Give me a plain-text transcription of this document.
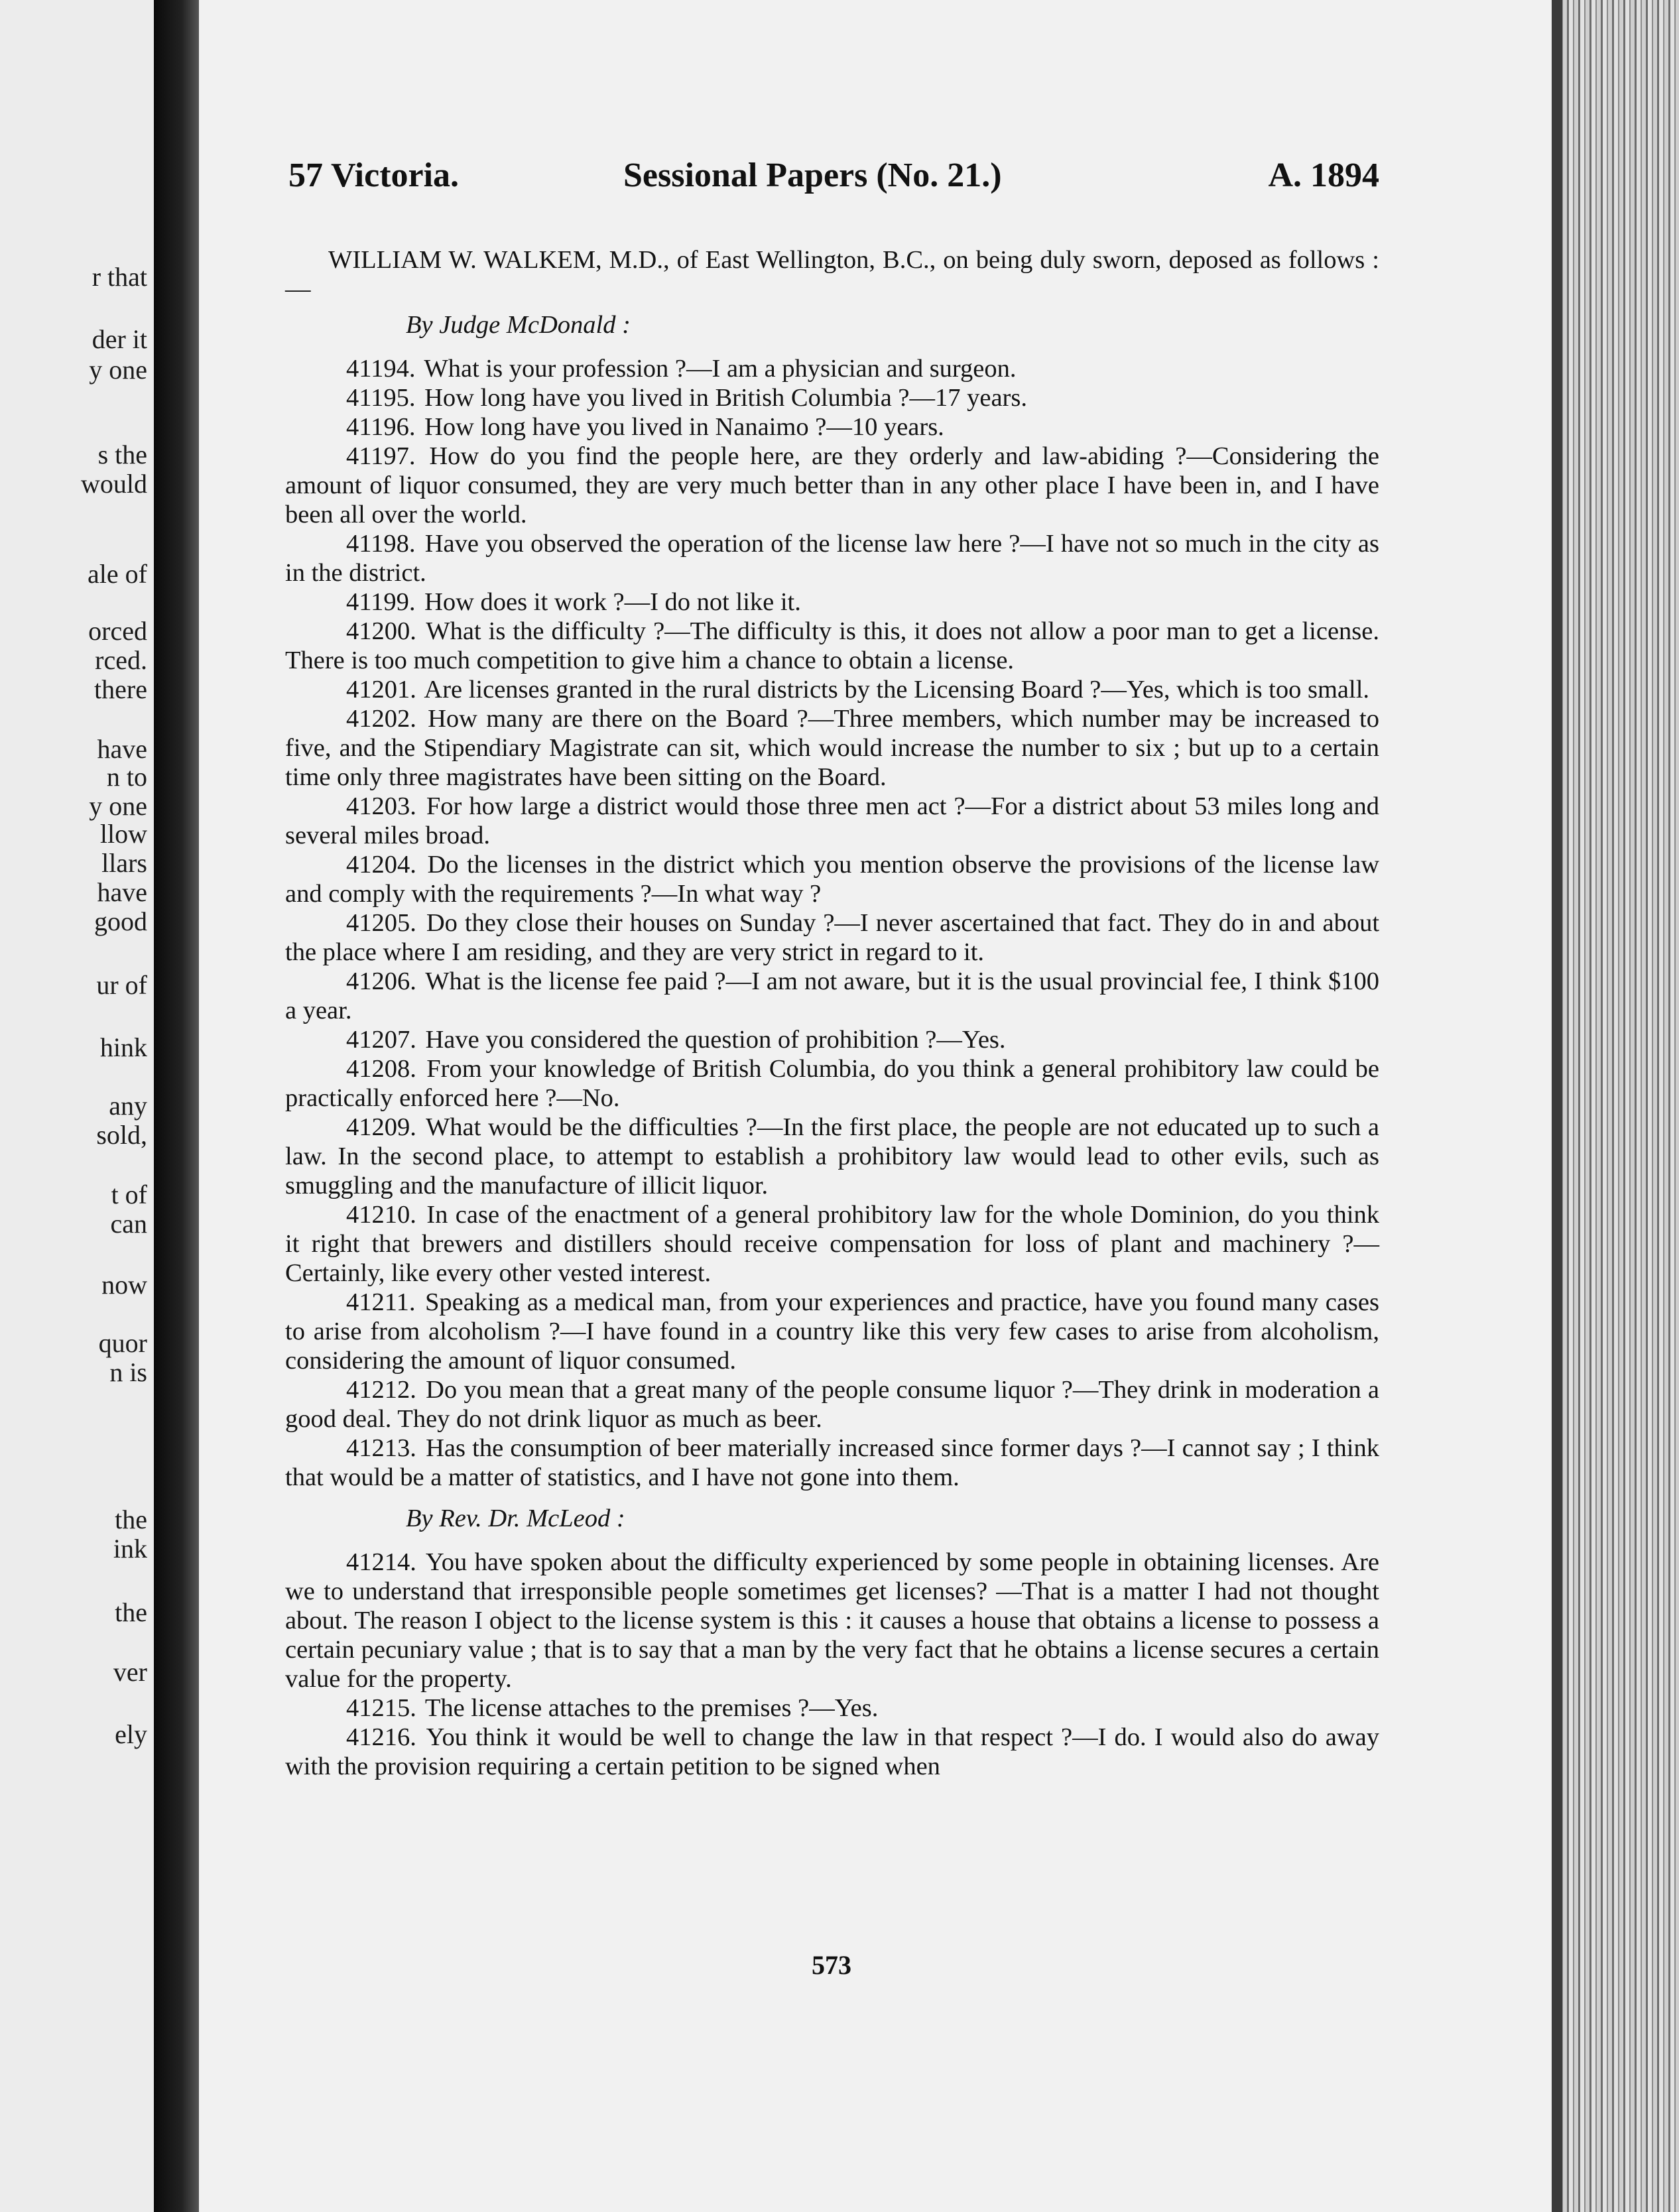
r that
der it
y one
s the
would
ale of
orced
rced.
there
have
n to
y one
llow
llars
have
good
ur of
hink
any
sold,
t of
can
now
quor
n is
the
ink
the
ver
ely
57 Victoria.	Sessional Papers (No. 21.)	A. 1894

WILLIAM W. WALKEM, M.D., of East Wellington, B.C., on being duly sworn, deposed as follows :—

By Judge McDonald :

41194. What is your profession ?—I am a physician and surgeon.

41195. How long have you lived in British Columbia ?—17 years.

41196. How long have you lived in Nanaimo ?—10 years.

41197. How do you find the people here, are they orderly and law-abiding ?—Considering the amount of liquor consumed, they are very much better than in any other place I have been in, and I have been all over the world.

41198. Have you observed the operation of the license law here ?—I have not so much in the city as in the district.

41199. How does it work ?—I do not like it.

41200. What is the difficulty ?—The difficulty is this, it does not allow a poor man to get a license. There is too much competition to give him a chance to obtain a license.

41201. Are licenses granted in the rural districts by the Licensing Board ?—Yes, which is too small.

41202. How many are there on the Board ?—Three members, which number may be increased to five, and the Stipendiary Magistrate can sit, which would increase the number to six ; but up to a certain time only three magistrates have been sitting on the Board.

41203. For how large a district would those three men act ?—For a district about 53 miles long and several miles broad.

41204. Do the licenses in the district which you mention observe the provisions of the license law and comply with the requirements ?—In what way ?

41205. Do they close their houses on Sunday ?—I never ascertained that fact. They do in and about the place where I am residing, and they are very strict in regard to it.

41206. What is the license fee paid ?—I am not aware, but it is the usual provincial fee, I think $100 a year.

41207. Have you considered the question of prohibition ?—Yes.

41208. From your knowledge of British Columbia, do you think a general prohibitory law could be practically enforced here ?—No.

41209. What would be the difficulties ?—In the first place, the people are not educated up to such a law. In the second place, to attempt to establish a prohibitory law would lead to other evils, such as smuggling and the manufacture of illicit liquor.

41210. In case of the enactment of a general prohibitory law for the whole Dominion, do you think it right that brewers and distillers should receive compensation for loss of plant and machinery ?—Certainly, like every other vested interest.

41211. Speaking as a medical man, from your experiences and practice, have you found many cases to arise from alcoholism ?—I have found in a country like this very few cases to arise from alcoholism, considering the amount of liquor consumed.

41212. Do you mean that a great many of the people consume liquor ?—They drink in moderation a good deal. They do not drink liquor as much as beer.

41213. Has the consumption of beer materially increased since former days ?—I cannot say ; I think that would be a matter of statistics, and I have not gone into them.

By Rev. Dr. McLeod :

41214. You have spoken about the difficulty experienced by some people in obtaining licenses. Are we to understand that irresponsible people sometimes get licenses? —That is a matter I had not thought about. The reason I object to the license system is this : it causes a house that obtains a license to possess a certain pecuniary value ; that is to say that a man by the very fact that he obtains a license secures a certain value for the property.

41215. The license attaches to the premises ?—Yes.

41216. You think it would be well to change the law in that respect ?—I do. I would also do away with the provision requiring a certain petition to be signed when

573
